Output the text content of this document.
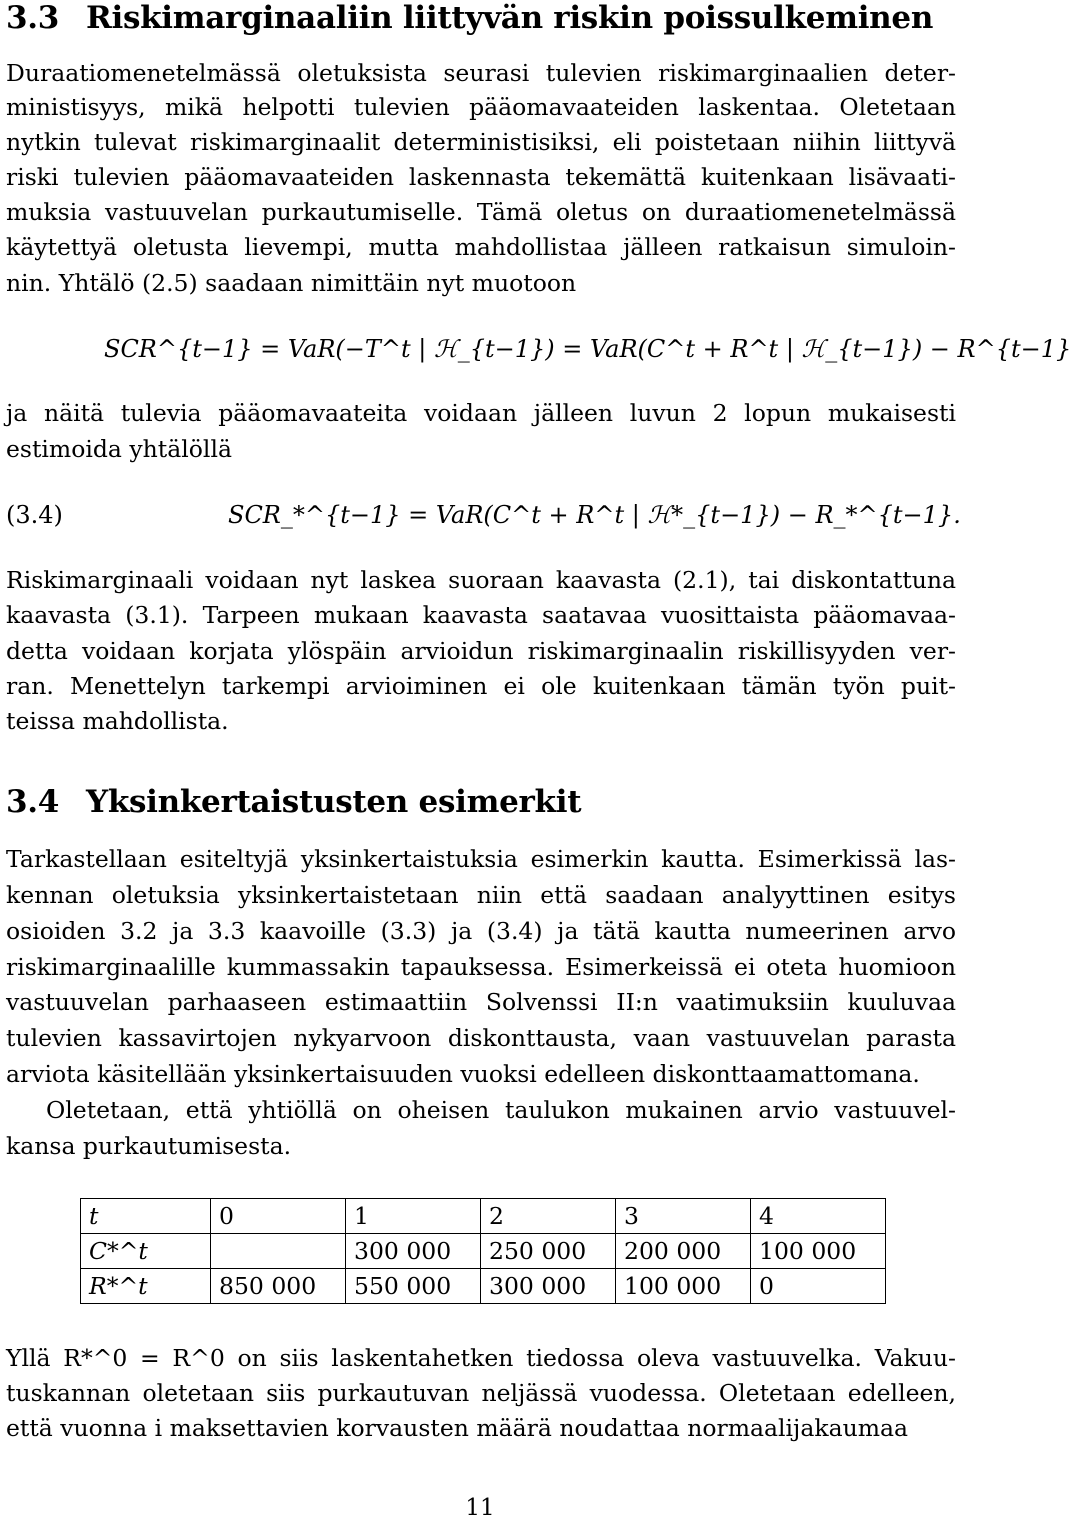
3.3 Riskimarginaaliin liittyvän riskin poissulkeminen

Duraatiomenetelmässä oletuksista seurasi tulevien riskimarginaalien deter-

ministisyys, mikä helpotti tulevien pääomavaateiden laskentaa. Oletetaan

nytkin tulevat riskimarginaalit deterministisiksi, eli poistetaan niihin liittyvä

riski tulevien pääomavaateiden laskennasta tekemättä kuitenkaan lisävaati-

muksia vastuuvelan purkautumiselle. Tämä oletus on duraatiomenetelmässä

käytettyä oletusta lievempi, mutta mahdollistaa jälleen ratkaisun simuloin-

nin. Yhtälö (2.5) saadaan nimittäin nyt muotoon

SCR^{t−1} = VaR(−T^t | ℋ_{t−1}) = VaR(C^t + R^t | ℋ_{t−1}) − R^{t−1}

ja näitä tulevia pääomavaateita voidaan jälleen luvun 2 lopun mukaisesti

estimoida yhtälöllä

(3.4)	SCR_*^{t−1} = VaR(C^t + R^t | ℋ*_{t−1}) − R_*^{t−1}.

Riskimarginaali voidaan nyt laskea suoraan kaavasta (2.1), tai diskontattuna

kaavasta (3.1). Tarpeen mukaan kaavasta saatavaa vuosittaista pääomavaa-

detta voidaan korjata ylöspäin arvioidun riskimarginaalin riskillisyyden ver-

ran. Menettelyn tarkempi arvioiminen ei ole kuitenkaan tämän työn puit-

teissa mahdollista.

3.4 Yksinkertaistusten esimerkit

Tarkastellaan esiteltyjä yksinkertaistuksia esimerkin kautta. Esimerkissä las-

kennan oletuksia yksinkertaistetaan niin että saadaan analyyttinen esitys

osioiden 3.2 ja 3.3 kaavoille (3.3) ja (3.4) ja tätä kautta numeerinen arvo

riskimarginaalille kummassakin tapauksessa. Esimerkeissä ei oteta huomioon

vastuuvelan parhaaseen estimaattiin Solvenssi II:n vaatimuksiin kuuluvaa

tulevien kassavirtojen nykyarvoon diskonttausta, vaan vastuuvelan parasta

arviota käsitellään yksinkertaisuuden vuoksi edelleen diskonttaamattomana.

Oletetaan, että yhtiöllä on oheisen taulukon mukainen arvio vastuuvel-

kansa purkautumisesta.

t	0	1	2	3	4
C*^t		300 000	250 000	200 000	100 000
R*^t	850 000	550 000	300 000	100 000	0

Yllä R*^0 = R^0 on siis laskentahetken tiedossa oleva vastuuvelka. Vakuu-

tuskannan oletetaan siis purkautuvan neljässä vuodessa. Oletetaan edelleen,

että vuonna i maksettavien korvausten määrä noudattaa normaalijakaumaa

11
